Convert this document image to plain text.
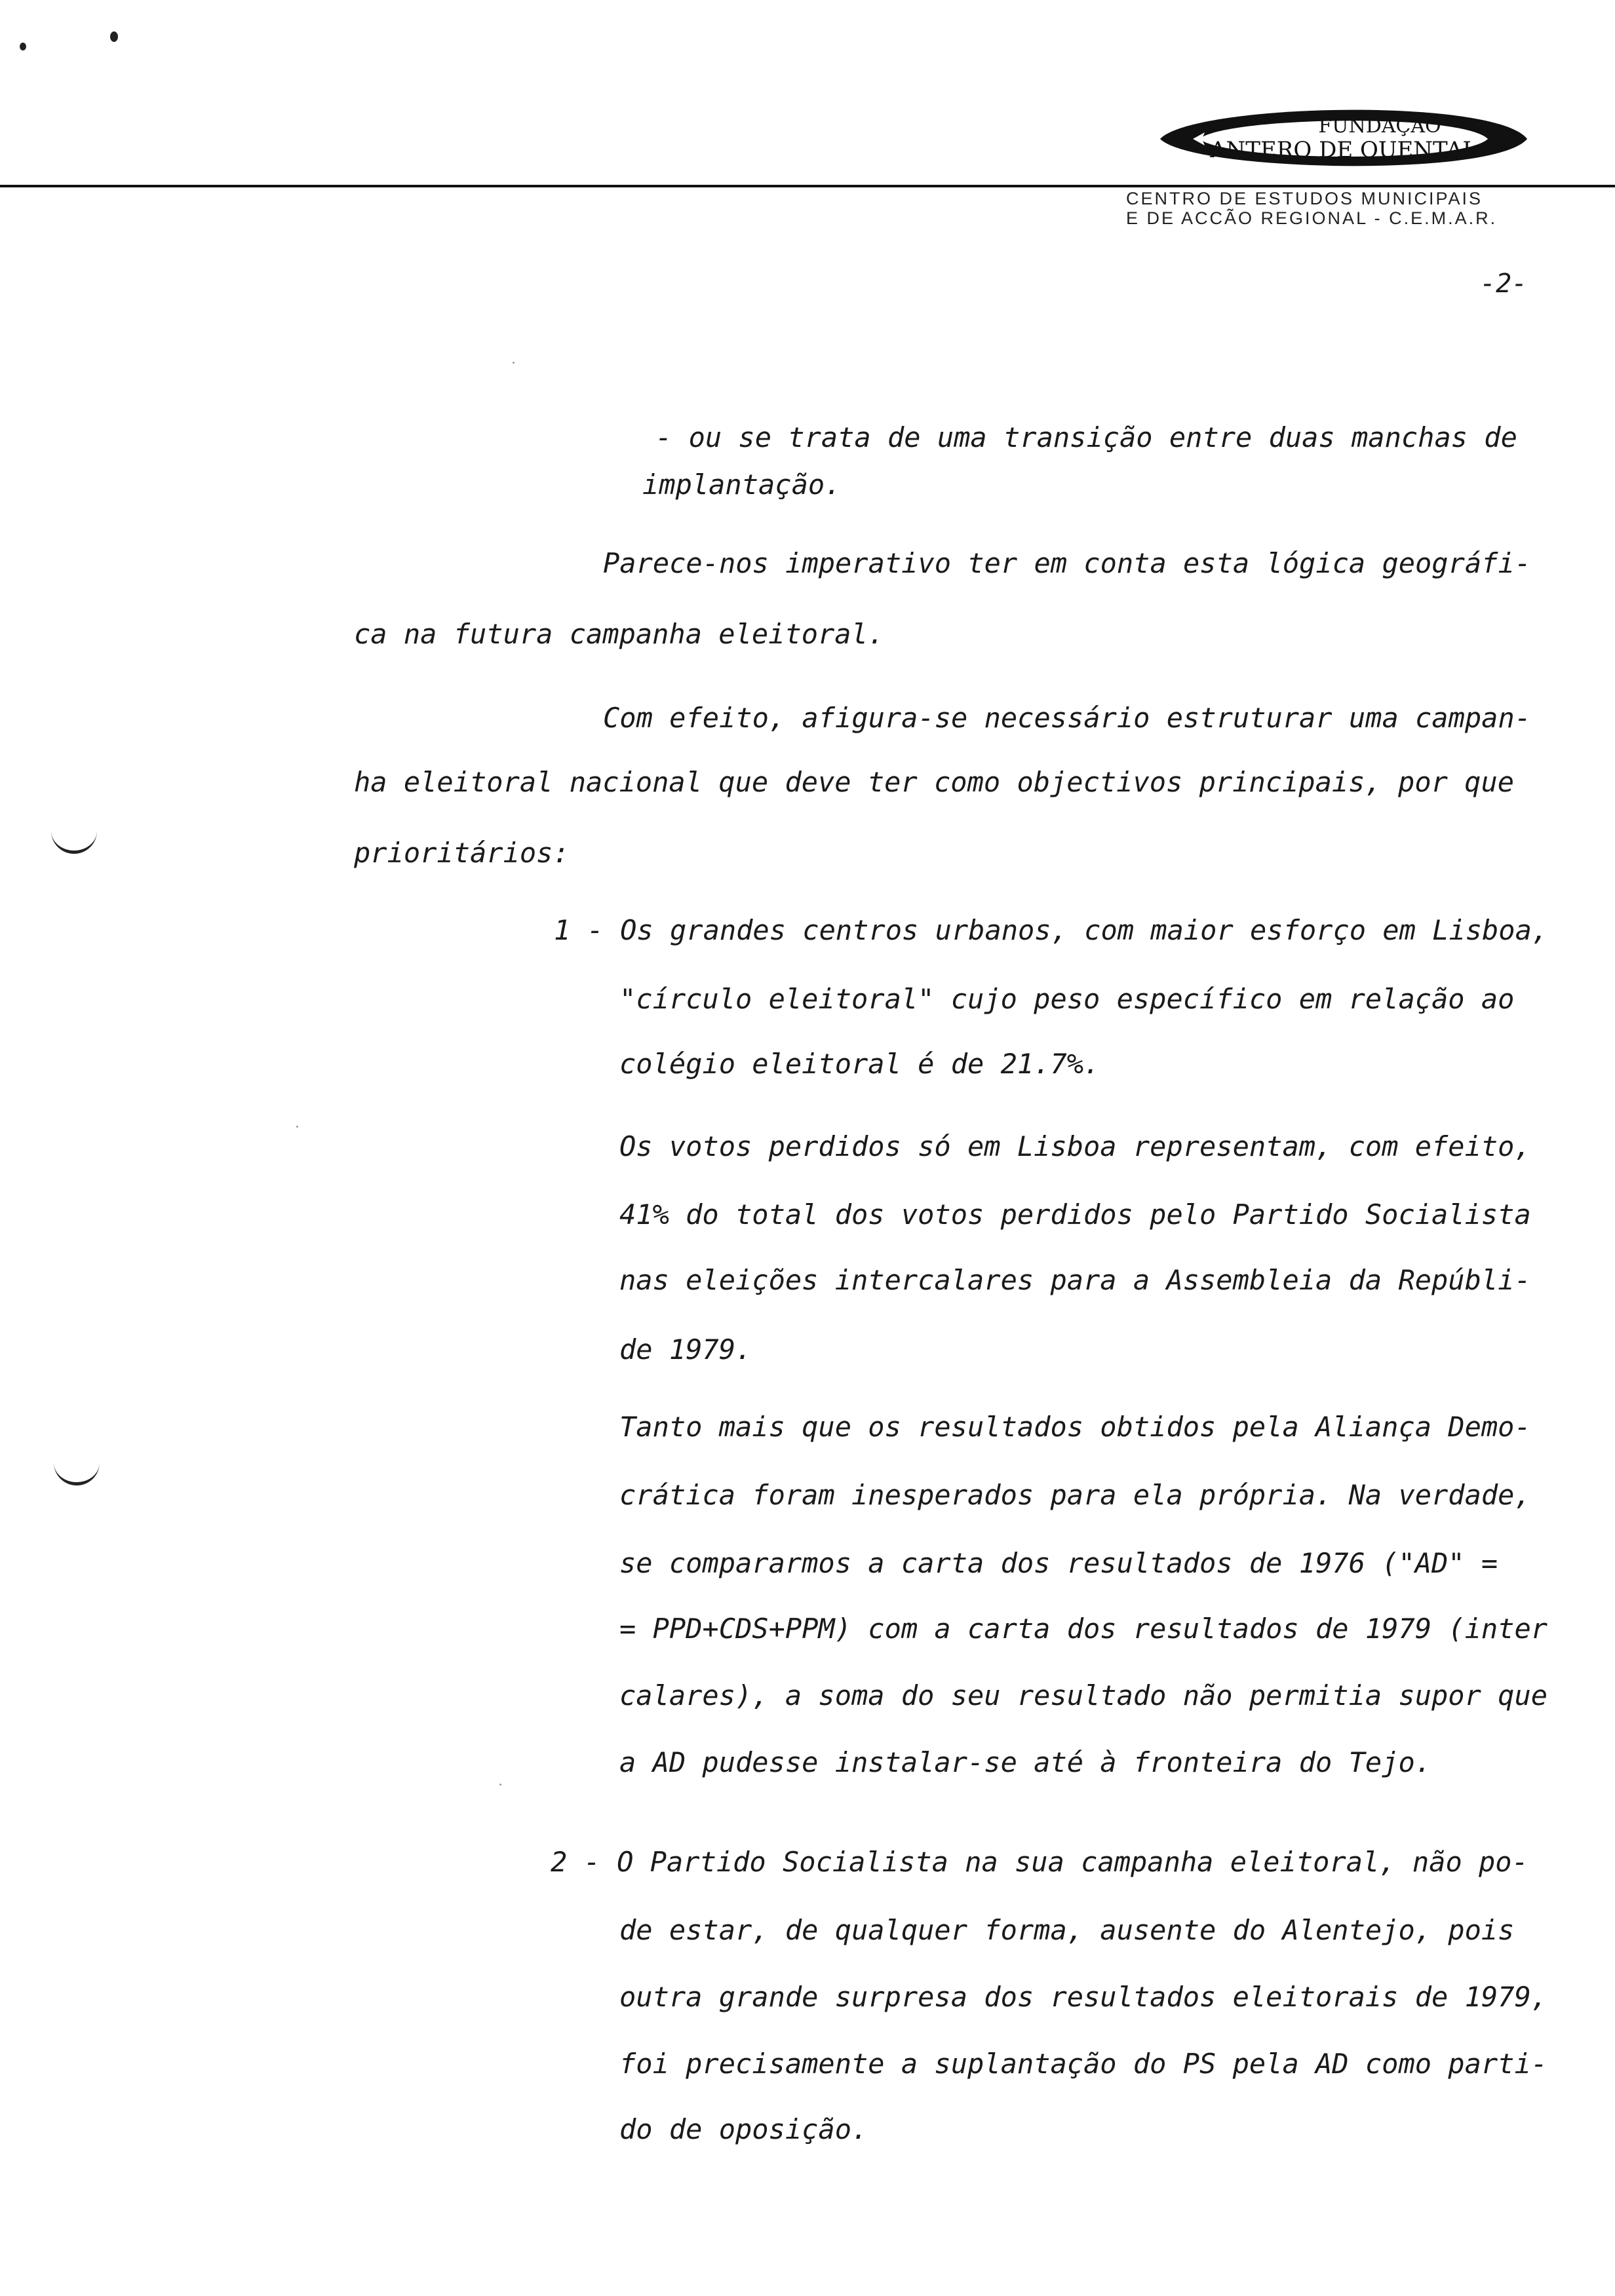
FUNDAÇÃO
ANTERO DE QUENTAL
CENTRO DE ESTUDOS MUNICIPAIS
E DE ACCÃO REGIONAL - C.E.M.A.R.
-2-
- ou se trata de uma transição entre duas manchas de
implantação.
Parece-nos imperativo ter em conta esta lógica geográfi-
ca na futura campanha eleitoral.
Com efeito, afigura-se necessário estruturar uma campan-
ha eleitoral nacional que deve ter como objectivos principais, por que
prioritários:
1 - Os grandes centros urbanos, com maior esforço em Lisboa,
"círculo eleitoral" cujo peso específico em relação ao
colégio eleitoral é de 21.7%.
Os votos perdidos só em Lisboa representam, com efeito,
41% do total dos votos perdidos pelo Partido Socialista
nas eleições intercalares para a Assembleia da Repúbli-
de 1979.
Tanto mais que os resultados obtidos pela Aliança Demo-
crática foram inesperados para ela própria. Na verdade,
se compararmos a carta dos resultados de 1976 ("AD" =
= PPD+CDS+PPM) com a carta dos resultados de 1979 (inter
calares), a soma do seu resultado não permitia supor que
a AD pudesse instalar-se até à fronteira do Tejo.
2 - O Partido Socialista na sua campanha eleitoral, não po-
de estar, de qualquer forma, ausente do Alentejo, pois
outra grande surpresa dos resultados eleitorais de 1979,
foi precisamente a suplantação do PS pela AD como parti-
do de oposição.
